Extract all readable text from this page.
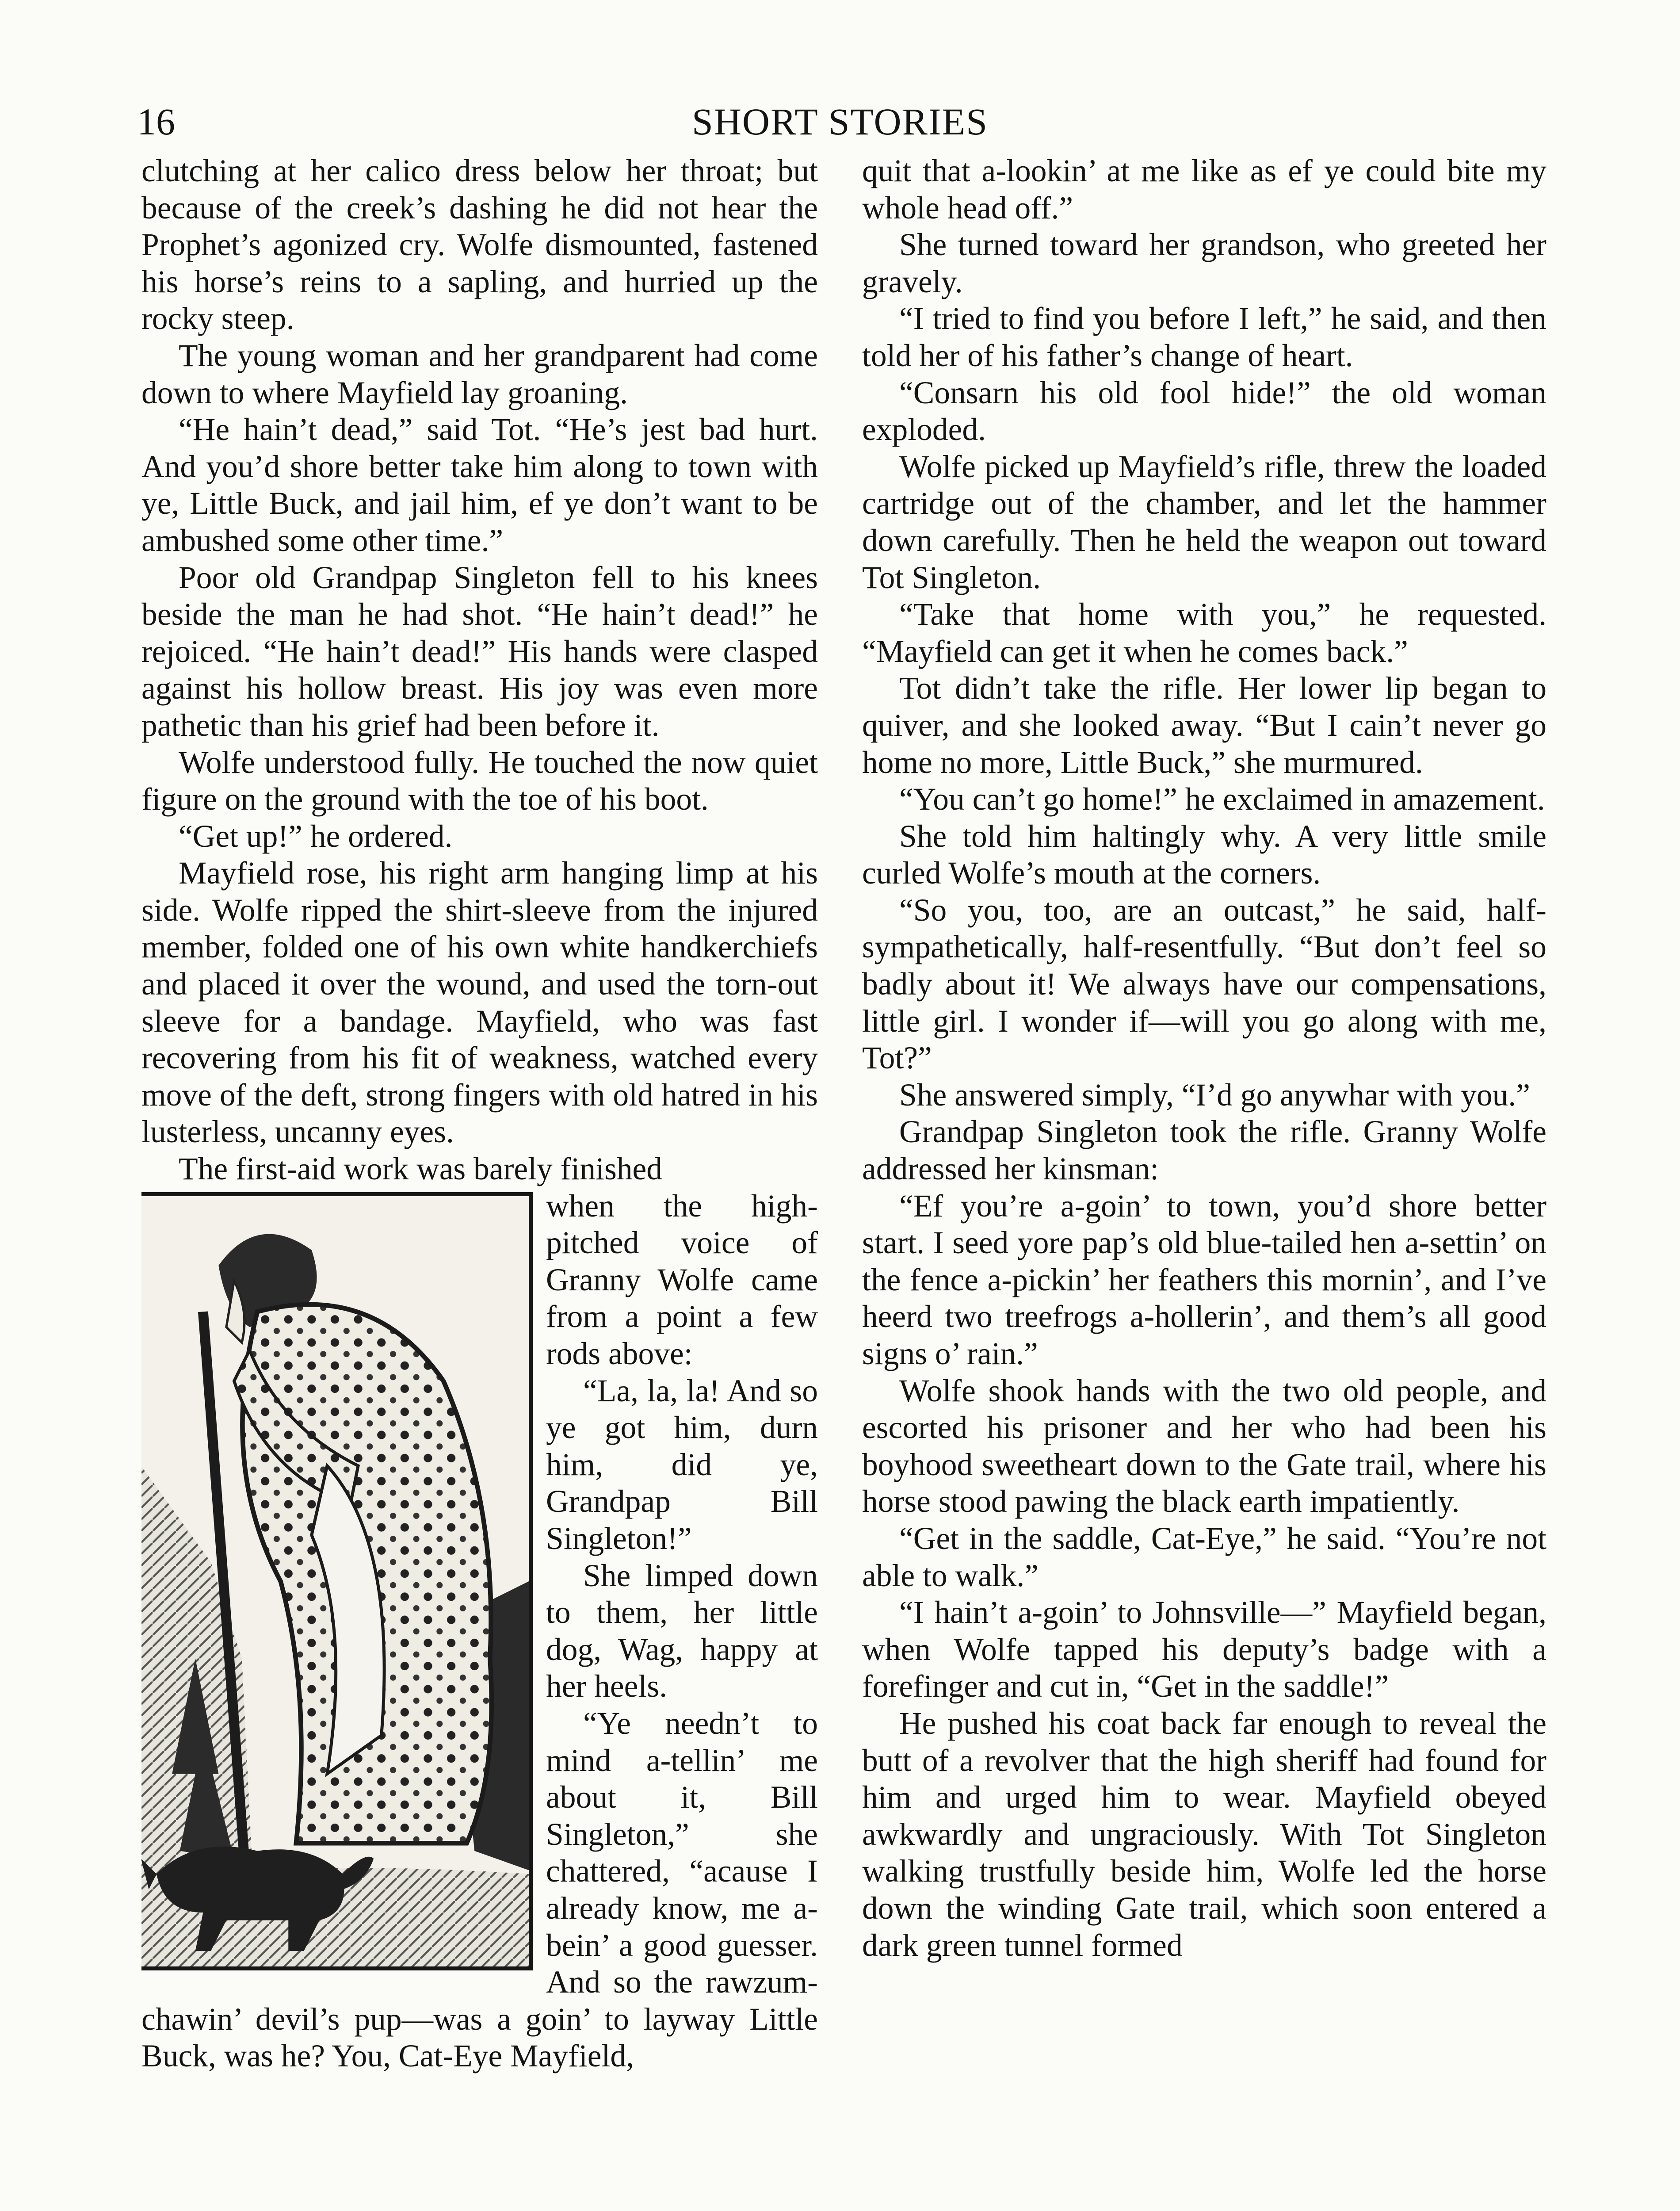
16	SHORT STORIES

clutching at her calico dress below her throat; but because of the creek’s dashing he did not hear the Prophet’s agonized cry. Wolfe dismounted, fastened his horse’s reins to a sapling, and hurried up the rocky steep.

The young woman and her grandparent had come down to where Mayfield lay groaning.

“He hain’t dead,” said Tot. “He’s jest bad hurt. And you’d shore better take him along to town with ye, Little Buck, and jail him, ef ye don’t want to be ambushed some other time.”

Poor old Grandpap Singleton fell to his knees beside the man he had shot. “He hain’t dead!” he rejoiced. “He hain’t dead!” His hands were clasped against his hollow breast. His joy was even more pathetic than his grief had been before it.

Wolfe understood fully. He touched the now quiet figure on the ground with the toe of his boot.

“Get up!” he ordered.

Mayfield rose, his right arm hanging limp at his side. Wolfe ripped the shirt-sleeve from the injured member, folded one of his own white handkerchiefs and placed it over the wound, and used the torn-out sleeve for a bandage. Mayfield, who was fast recovering from his fit of weakness, watched every move of the deft, strong fingers with old hatred in his lusterless, uncanny eyes.

The first-aid work was barely finished

when the high-pitched voice of Granny Wolfe came from a point a few rods above:

“La, la, la! And so ye got him, durn him, did ye, Grandpap Bill Singleton!”

She limped down to them, her little dog, Wag, happy at her heels.

“Ye needn’t to mind a-tellin’ me about it, Bill Singleton,” she chattered, “acause I already know, me a-bein’ a good guesser. And so the rawzum-chawin’ devil’s pup—was a goin’ to layway Little Buck, was he? You, Cat-Eye Mayfield,

quit that a-lookin’ at me like as ef ye could bite my whole head off.”

She turned toward her grandson, who greeted her gravely.

“I tried to find you before I left,” he said, and then told her of his father’s change of heart.

“Consarn his old fool hide!” the old woman exploded.

Wolfe picked up Mayfield’s rifle, threw the loaded cartridge out of the chamber, and let the hammer down carefully. Then he held the weapon out toward Tot Singleton.

“Take that home with you,” he requested. “Mayfield can get it when he comes back.”

Tot didn’t take the rifle. Her lower lip began to quiver, and she looked away. “But I cain’t never go home no more, Little Buck,” she murmured.

“You can’t go home!” he exclaimed in amazement.

She told him haltingly why. A very little smile curled Wolfe’s mouth at the corners.

“So you, too, are an outcast,” he said, half-sympathetically, half-resentfully. “But don’t feel so badly about it! We always have our compensations, little girl. I wonder if—will you go along with me, Tot?”

She answered simply, “I’d go anywhar with you.”

Grandpap Singleton took the rifle. Granny Wolfe addressed her kinsman:

“Ef you’re a-goin’ to town, you’d shore better start. I seed yore pap’s old blue-tailed hen a-settin’ on the fence a-pickin’ her feathers this mornin’, and I’ve heerd two treefrogs a-hollerin’, and them’s all good signs o’ rain.”

Wolfe shook hands with the two old people, and escorted his prisoner and her who had been his boyhood sweetheart down to the Gate trail, where his horse stood pawing the black earth impatiently.

“Get in the saddle, Cat-Eye,” he said. “You’re not able to walk.”

“I hain’t a-goin’ to Johnsville—” Mayfield began, when Wolfe tapped his deputy’s badge with a forefinger and cut in, “Get in the saddle!”

He pushed his coat back far enough to reveal the butt of a revolver that the high sheriff had found for him and urged him to wear. Mayfield obeyed awkwardly and ungraciously. With Tot Singleton walking trustfully beside him, Wolfe led the horse down the winding Gate trail, which soon entered a dark green tunnel formed
